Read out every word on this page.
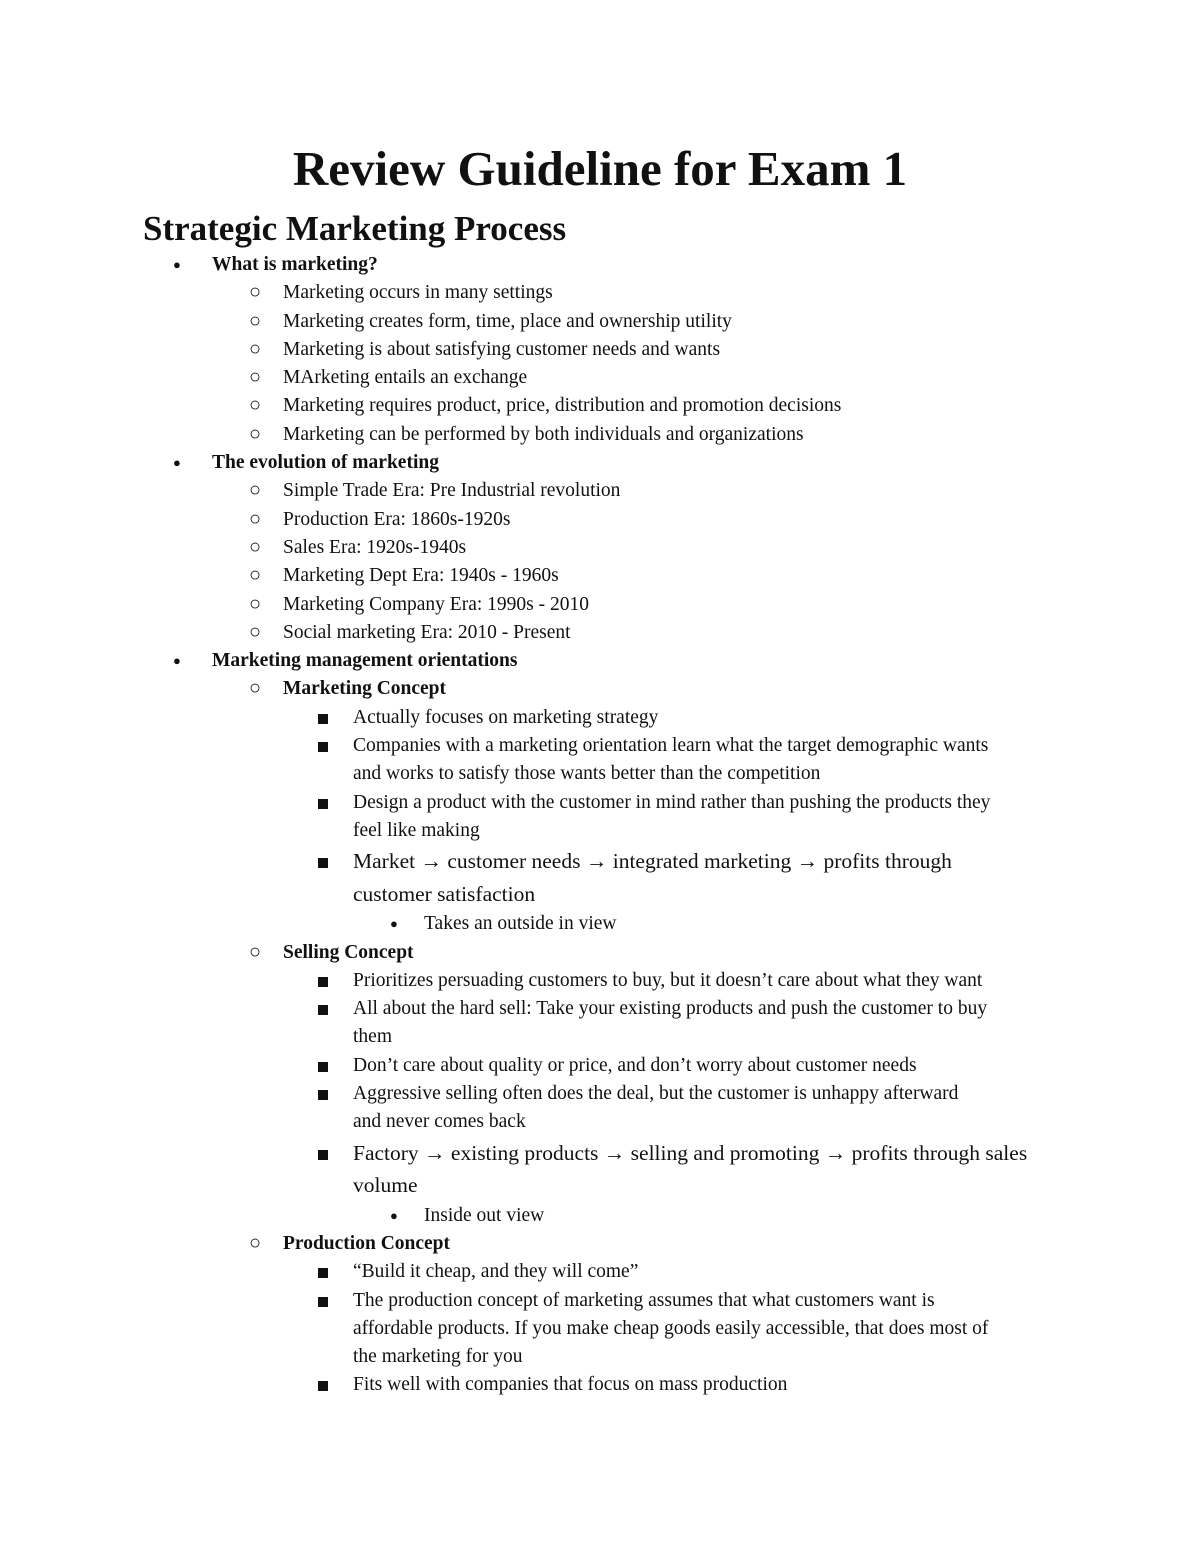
Review Guideline for Exam 1
Strategic Marketing Process
● What is marketing?
○ Marketing occurs in many settings
○ Marketing creates form, time, place and ownership utility
○ Marketing is about satisfying customer needs and wants
○ MArketing entails an exchange
○ Marketing requires product, price, distribution and promotion decisions
○ Marketing can be performed by both individuals and organizations
● The evolution of marketing
○ Simple Trade Era: Pre Industrial revolution
○ Production Era: 1860s-1920s
○ Sales Era: 1920s-1940s
○ Marketing Dept Era: 1940s - 1960s
○ Marketing Company Era: 1990s - 2010
○ Social marketing Era: 2010 - Present
● Marketing management orientations
○ Marketing Concept
Actually focuses on marketing strategy
Companies with a marketing orientation learn what the target demographic wants
and works to satisfy those wants better than the competition
Design a product with the customer in mind rather than pushing the products they
feel like making
Market → customer needs → integrated marketing → profits through
customer satisfaction
● Takes an outside in view
○ Selling Concept
Prioritizes persuading customers to buy, but it doesn’t care about what they want
All about the hard sell: Take your existing products and push the customer to buy
them
Don’t care about quality or price, and don’t worry about customer needs
Aggressive selling often does the deal, but the customer is unhappy afterward
and never comes back
Factory → existing products → selling and promoting → profits through sales
volume
● Inside out view
○ Production Concept
“Build it cheap, and they will come”
The production concept of marketing assumes that what customers want is
affordable products. If you make cheap goods easily accessible, that does most of
the marketing for you
Fits well with companies that focus on mass production
